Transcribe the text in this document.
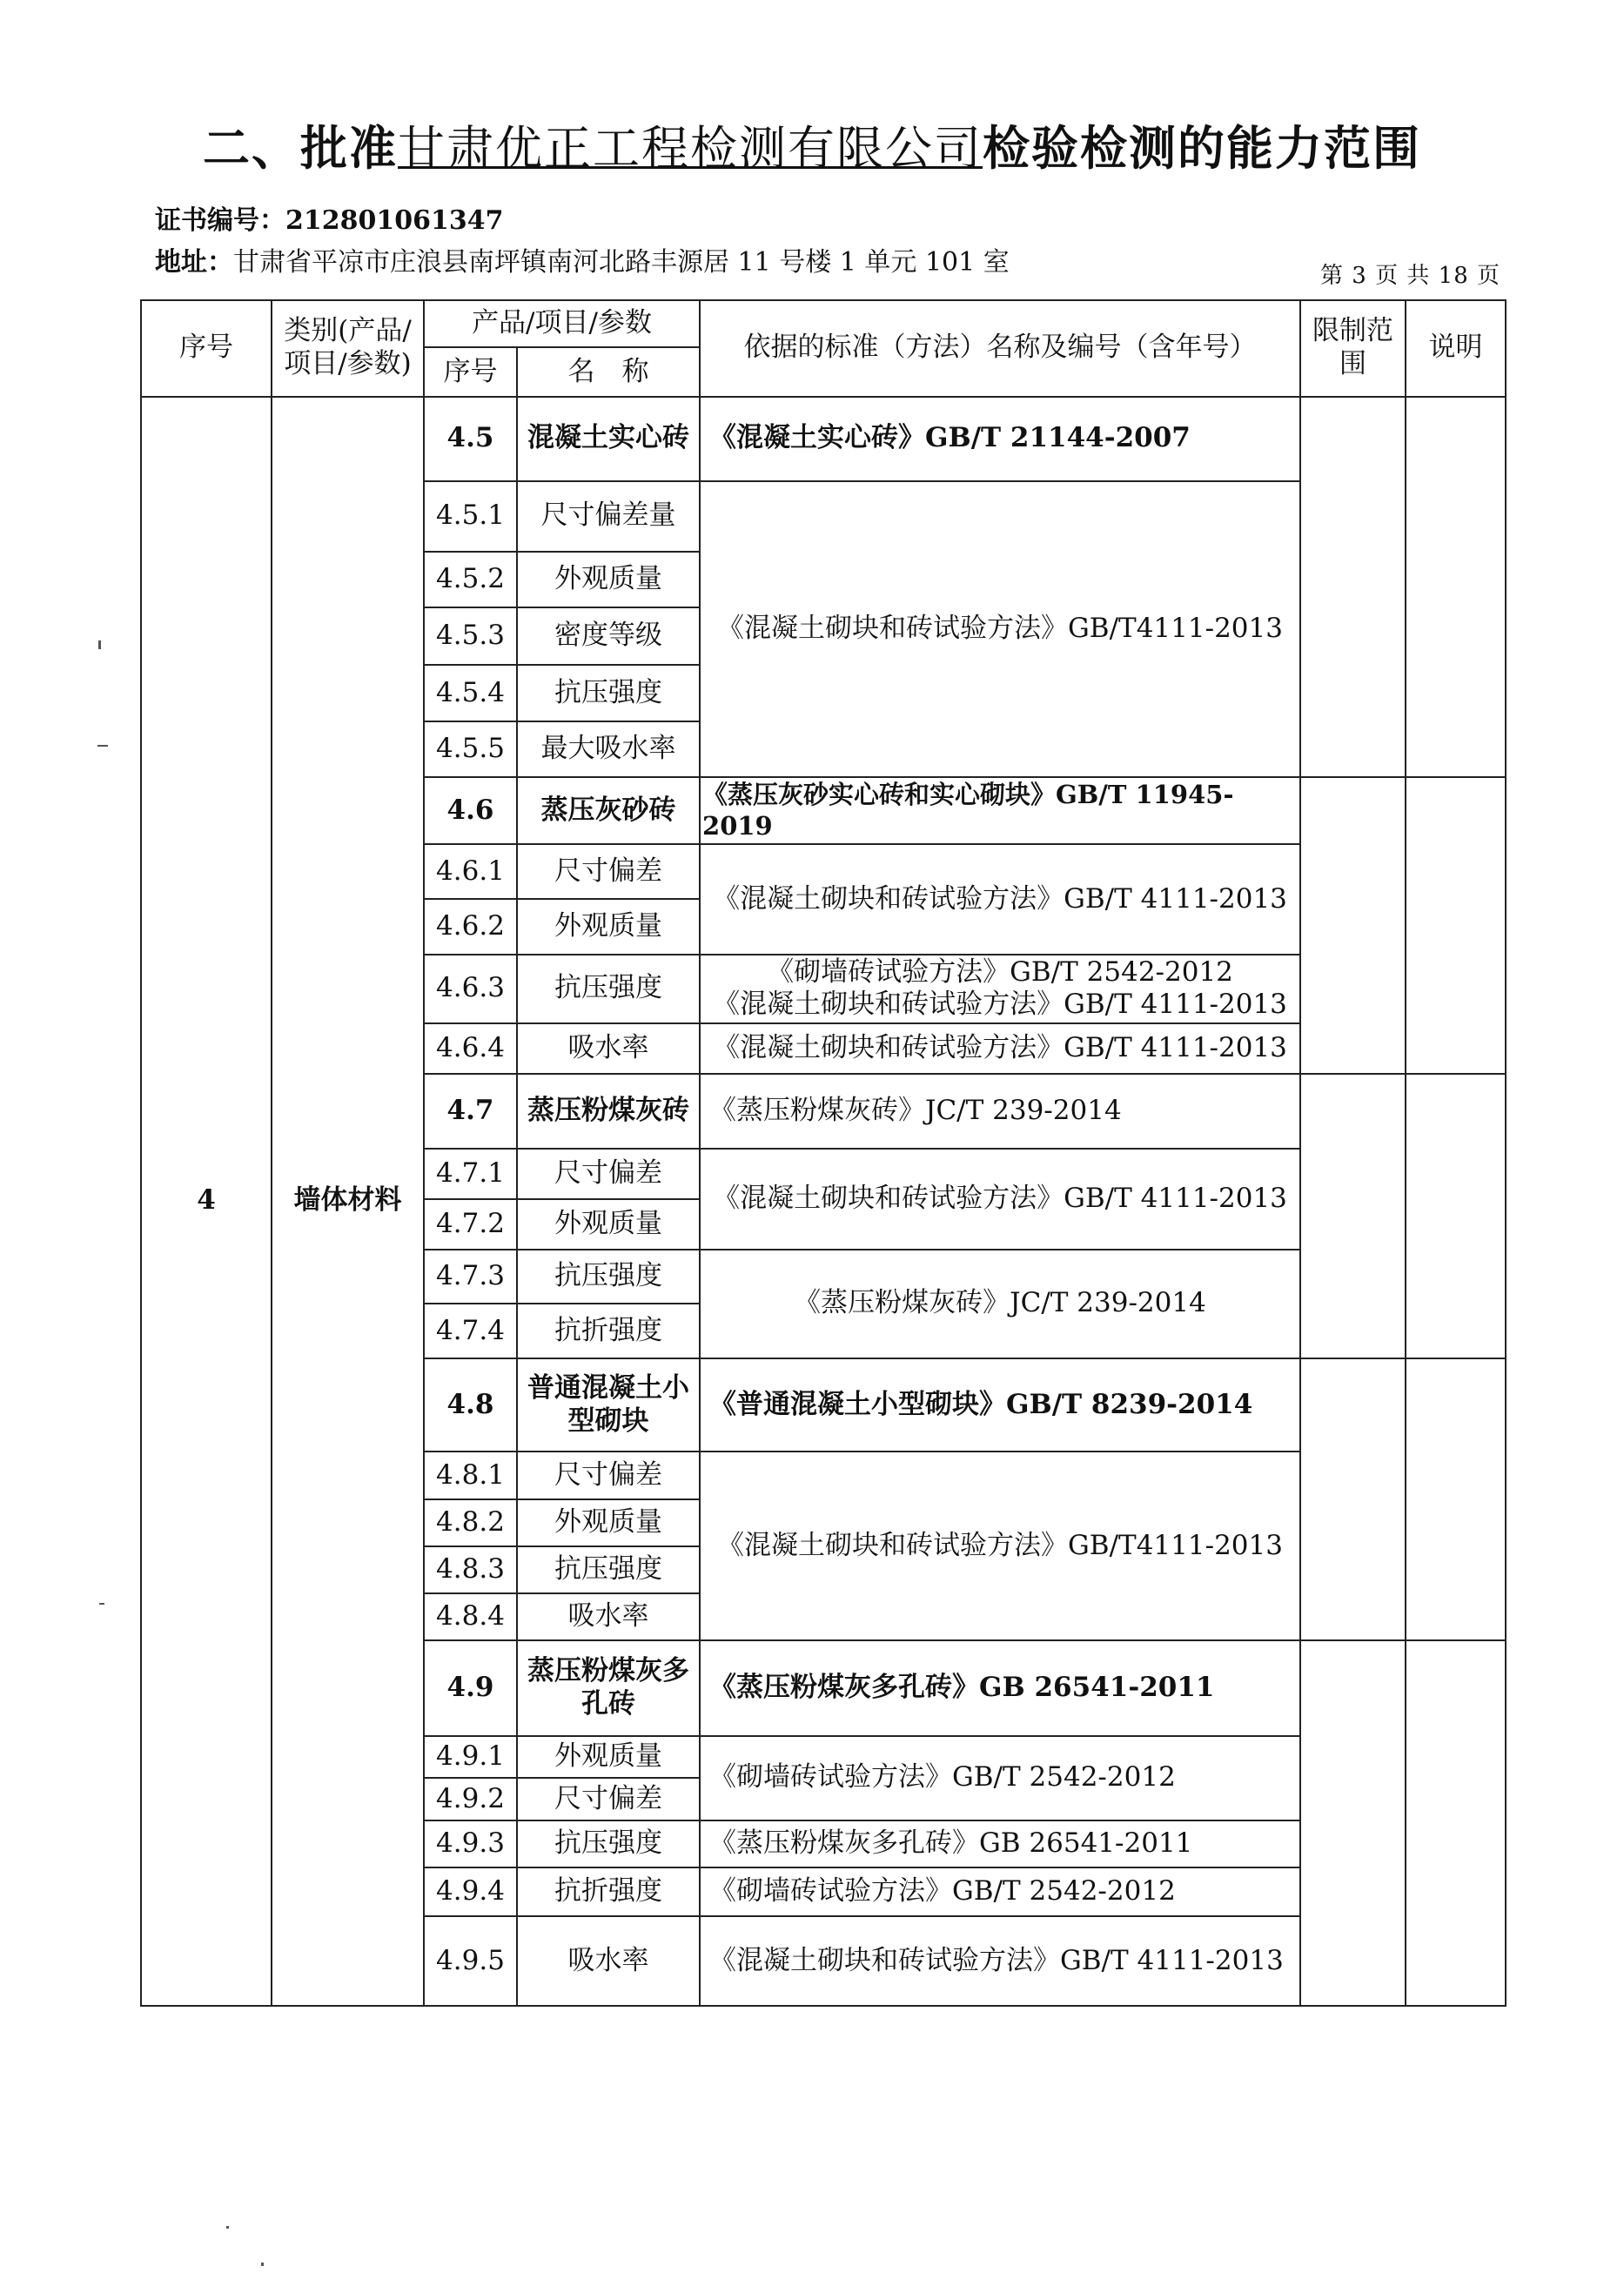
二、批准甘肃优正工程检测有限公司检验检测的能力范围
证书编号：212801061347
地址：甘肃省平凉市庄浪县南坪镇南河北路丰源居 11 号楼 1 单元 101 室	第 3 页 共 18 页
序号	类别(产品/项目/参数)	产品/项目/参数		依据的标准（方法）名称及编号（含年号）	限制范围	说明
		序号	名　称			
4	墙体材料	4.5	混凝土实心砖	《混凝土实心砖》GB/T 21144-2007		
		4.5.1	尺寸偏差量	《混凝土砌块和砖试验方法》GB/T4111-2013		
		4.5.2	外观质量			
		4.5.3	密度等级			
		4.5.4	抗压强度			
		4.5.5	最大吸水率			
		4.6	蒸压灰砂砖	《蒸压灰砂实心砖和实心砌块》GB/T 11945-2019		
		4.6.1	尺寸偏差	《混凝土砌块和砖试验方法》GB/T 4111-2013		
		4.6.2	外观质量			
		4.6.3	抗压强度	《砌墙砖试验方法》GB/T 2542-2012
《混凝土砌块和砖试验方法》GB/T 4111-2013		

		4.6.4	吸水率	《混凝土砌块和砖试验方法》GB/T 4111-2013		
		4.7	蒸压粉煤灰砖	《蒸压粉煤灰砖》JC/T 239-2014		
		4.7.1	尺寸偏差	《混凝土砌块和砖试验方法》GB/T 4111-2013		
		4.7.2	外观质量			
		4.7.3	抗压强度	《蒸压粉煤灰砖》JC/T 239-2014		
		4.7.4	抗折强度			
		4.8	普通混凝土小型砌块	《普通混凝土小型砌块》GB/T 8239-2014		
		4.8.1	尺寸偏差	《混凝土砌块和砖试验方法》GB/T4111-2013		
		4.8.2	外观质量			
		4.8.3	抗压强度			
		4.8.4	吸水率			
		4.9	蒸压粉煤灰多孔砖	《蒸压粉煤灰多孔砖》GB 26541-2011		
		4.9.1	外观质量	《砌墙砖试验方法》GB/T 2542-2012		
		4.9.2	尺寸偏差			
		4.9.3	抗压强度	《蒸压粉煤灰多孔砖》GB 26541-2011		
		4.9.4	抗折强度	《砌墙砖试验方法》GB/T 2542-2012		
		4.9.5	吸水率	《混凝土砌块和砖试验方法》GB/T 4111-2013		
